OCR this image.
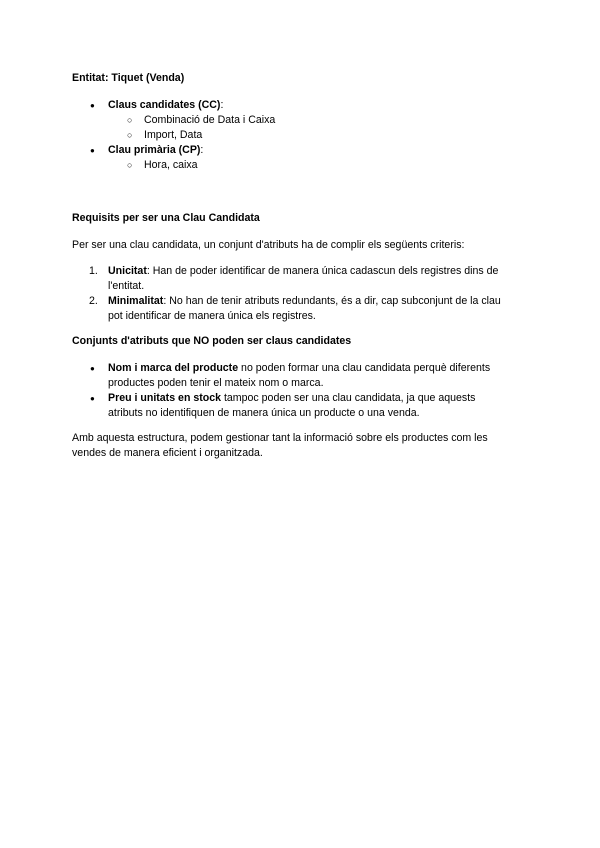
Entitat: Tiquet (Venda)
● Claus candidates (CC):
○ Combinació de Data i Caixa
○ Import, Data
● Clau primària (CP):
○ Hora, caixa
Requisits per ser una Clau Candidata
Per ser una clau candidata, un conjunt d'atributs ha de complir els següents criteris:
1. Unicitat: Han de poder identificar de manera única cadascun dels registres dins de
l'entitat.
2. Minimalitat: No han de tenir atributs redundants, és a dir, cap subconjunt de la clau
pot identificar de manera única els registres.
Conjunts d'atributs que NO poden ser claus candidates
● Nom i marca del producte no poden formar una clau candidata perquè diferents
productes poden tenir el mateix nom o marca.
● Preu i unitats en stock tampoc poden ser una clau candidata, ja que aquests
atributs no identifiquen de manera única un producte o una venda.
Amb aquesta estructura, podem gestionar tant la informació sobre els productes com les
vendes de manera eficient i organitzada.
